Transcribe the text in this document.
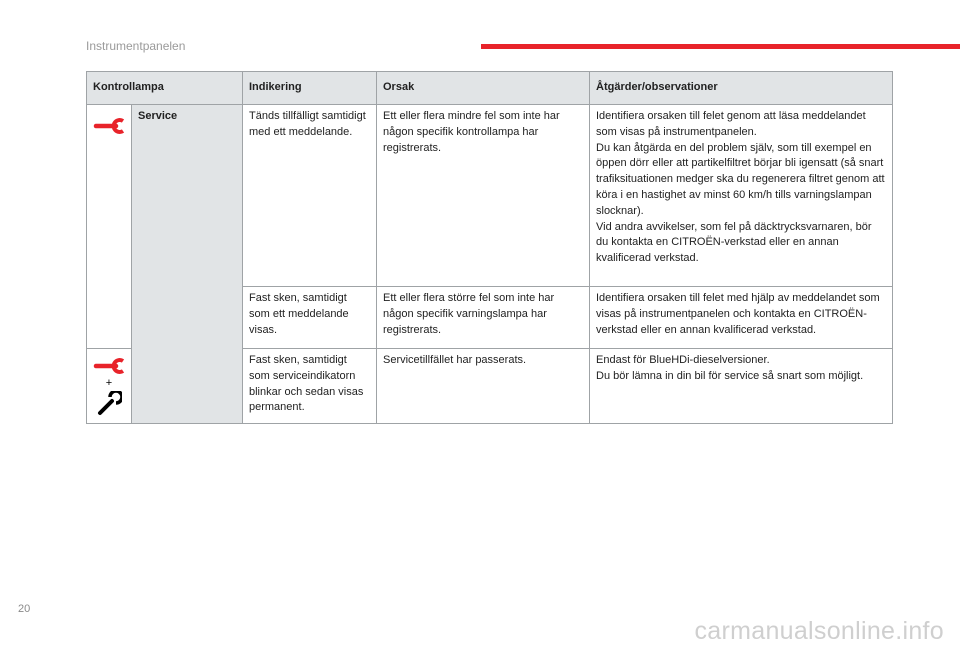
Instrumentpanelen
Kontrollampa		Indikering	Orsak	Åtgärder/observationer

	Service	Tänds tillfälligt samtidigt med ett meddelande.	Ett eller flera mindre fel som inte har någon specifik kontrollampa har registrerats.	Identifiera orsaken till felet genom att läsa meddelandet som visas på instrumentpanelen.
Du kan åtgärda en del problem själv, som till exempel en öppen dörr eller att partikelfiltret börjar bli igensatt (så snart trafiksituationen medger ska du regenerera filtret genom att köra i en hastighet av minst 60 km/h tills varningslampan slocknar).
Vid andra avvikelser, som fel på däcktrycksvarnaren, bör du kontakta en CITROËN-verkstad eller en annan kvalificerad verkstad.
		Fast sken, samtidigt som ett meddelande visas.	Ett eller flera större fel som inte har någon specifik varningslampa har registrerats.	Identifiera orsaken till felet med hjälp av meddelandet som visas på instrumentpanelen och kontakta en CITROËN-verkstad eller en annan kvalificerad verkstad.

+		Fast sken, samtidigt som serviceindikatorn blinkar och sedan visas permanent.	Servicetillfället har passerats.	Endast för BlueHDi-dieselversioner.
Du bör lämna in din bil för service så snart som möjligt.
20
carmanualsonline.info
